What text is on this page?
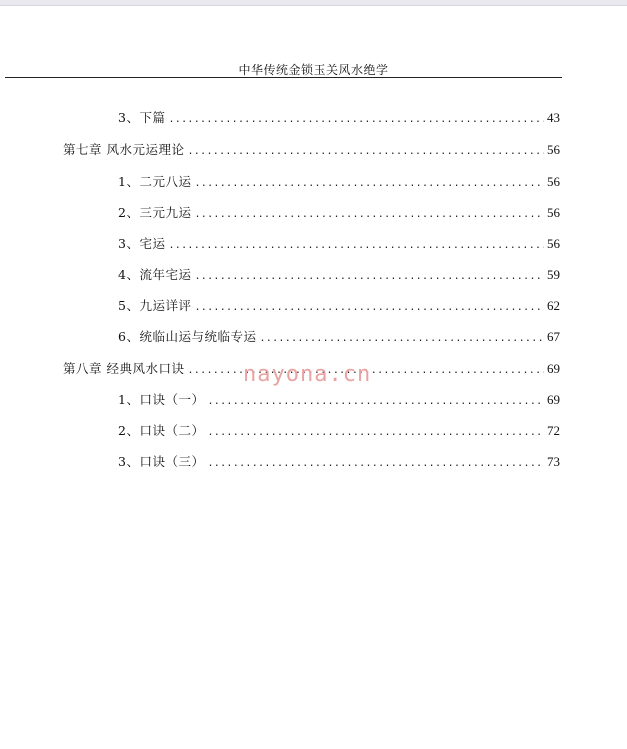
中华传统金锁玉关风水绝学
3、下篇 .....	43
第七章 风水元运理论 .....	56
1、二元八运 .....	56
2、三元九运 .....	56
3、宅运 .....	56
4、流年宅运 .....	59
5、九运详评 .....	62
6、统临山运与统临专运 .....	67
第八章 经典风水口诀 .....	69
1、口诀（一） .....	69
2、口诀（二） .....	72
3、口诀（三） .....	73
nayona.cn
